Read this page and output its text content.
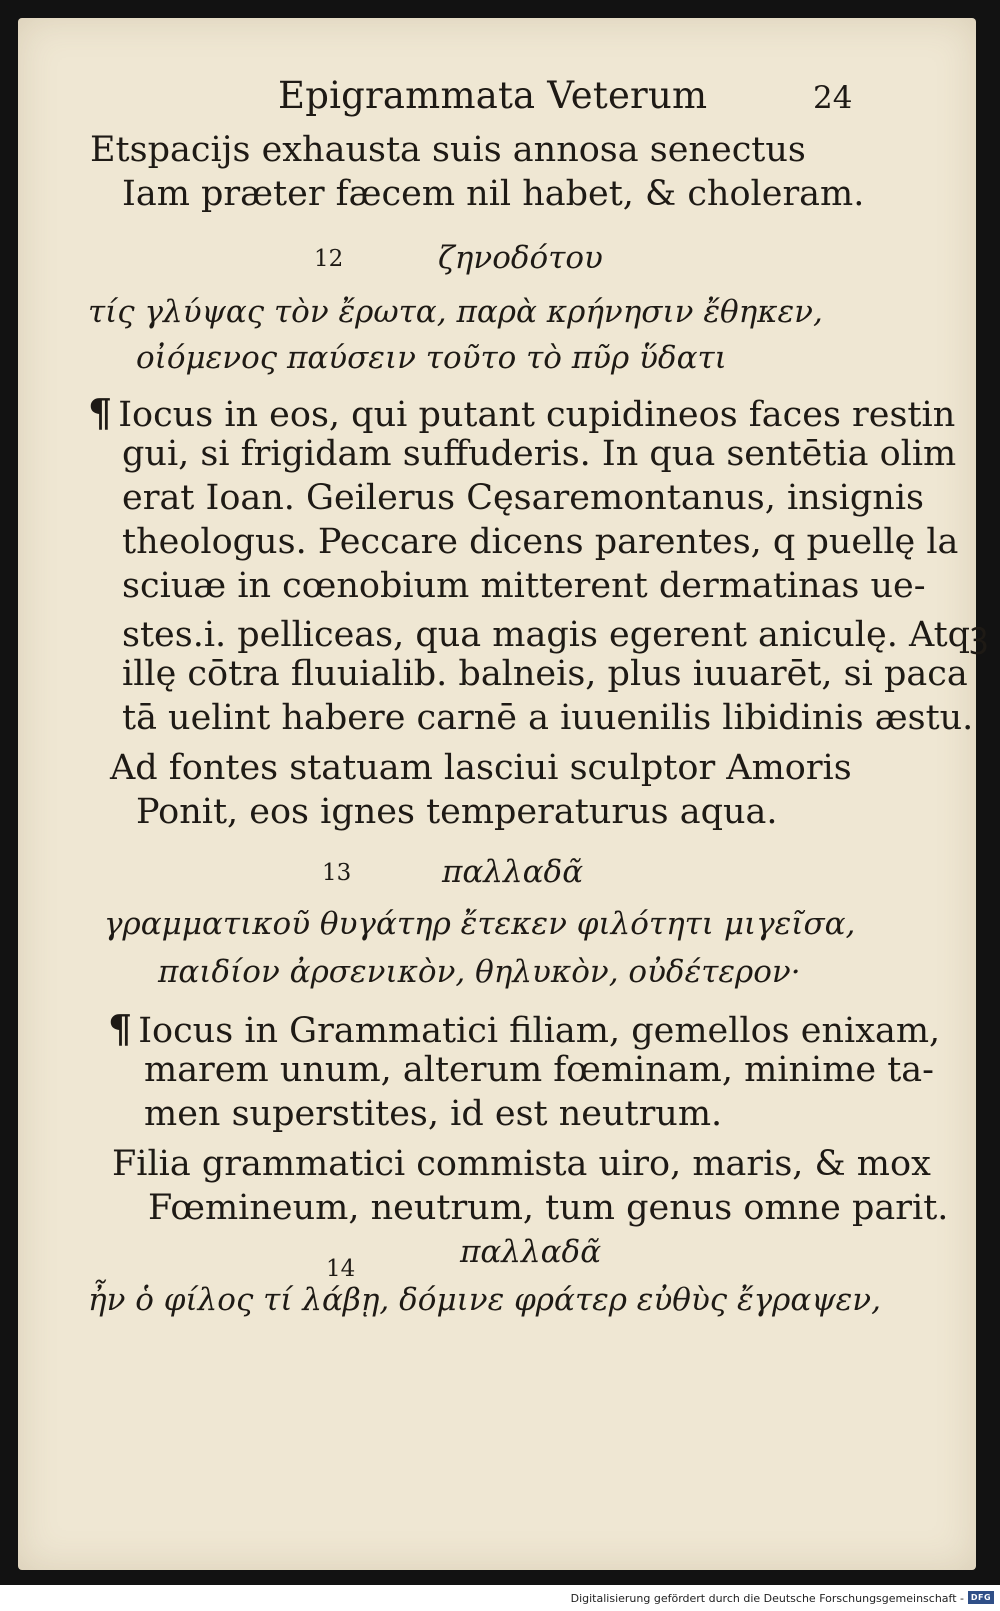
Epigrammata Veterum	24
Etspacijs exhausta suis annosa senectus
Iam præter fæcem nil habet, & choleram.
12	ζηνοδότου
τίς γλύψας τὸν ἔρωτα, παρὰ κρήνησιν ἔθηκεν,
οἰόμενος παύσειν τοῦτο τὸ πῦρ ὕδατι
¶ Iocus in eos, qui putant cupidineos faces restin
gui, si frigidam suffuderis. In qua sentētia olim
erat Ioan. Geilerus Cęsaremontanus, insignis
theologus. Peccare dicens parentes, q puellę la
sciuæ in cœnobium mitterent dermatinas ue-
stes.i. pelliceas, qua magis egerent aniculę. Atqꝫ
illę cōtra fluuialib. balneis, plus iuuarēt, si paca
tā uelint habere carnē a iuuenilis libidinis æstu.
Ad fontes statuam lasciui sculptor Amoris
Ponit, eos ignes temperaturus aqua.
13	παλλαδᾶ
γραμματικοῦ θυγάτηρ ἔτεκεν φιλότητι μιγεῖσα,
παιδίον ἀρσενικὸν, θηλυκὸν, οὐδέτερον·
¶ Iocus in Grammatici filiam, gemellos enixam,
marem unum, alterum fœminam, minime ta-
men superstites, id est neutrum.
Filia grammatici commista uiro, maris, & mox
Fœmineum, neutrum, tum genus omne parit.
14	παλλαδᾶ
ἦν ὁ φίλος τί λάβῃ, δόμινε φράτερ εὐθὺς ἔγραψεν,
Digitalisierung gefördert durch die Deutsche Forschungsgemeinschaft - DFG
